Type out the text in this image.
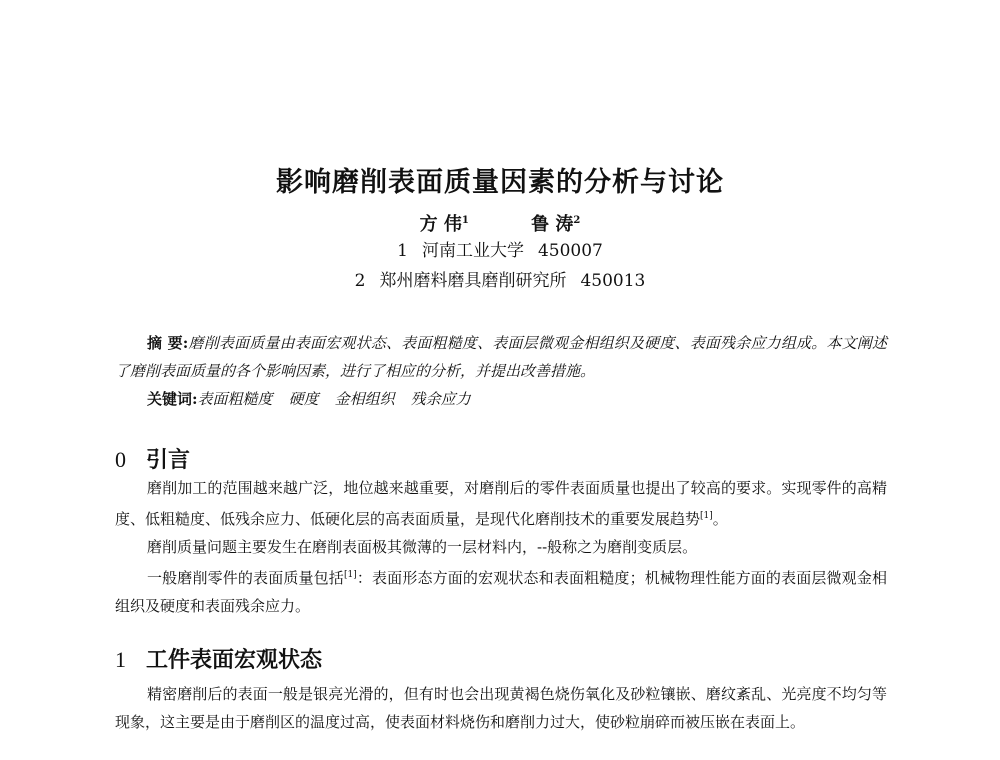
影响磨削表面质量因素的分析与讨论
方 伟$^1$	鲁 涛$^2$
1 河南工业大学 450007
2 郑州磨料磨具磨削研究所 450013

摘 要:磨削表面质量由表面宏观状态、表面粗糙度、表面层微观金相组织及硬度、表面残余应力组成。本文阐述了磨削表面质量的各个影响因素，进行了相应的分析，并提出改善措施。

关键词:表面粗糙度 硬度 金相组织 残余应力
0 引言

磨削加工的范围越来越广泛，地位越来越重要，对磨削后的零件表面质量也提出了较高的要求。实现零件的高精度、低粗糙度、低残余应力、低硬化层的高表面质量，是现代化磨削技术的重要发展趋势[1]。

磨削质量问题主要发生在磨削表面极其微薄的一层材料内，--般称之为磨削变质层。

一般磨削零件的表面质量包括[1]：表面形态方面的宏观状态和表面粗糙度；机械物理性能方面的表面层微观金相组织及硬度和表面残余应力。

1 工件表面宏观状态

精密磨削后的表面一般是银亮光滑的，但有时也会出现黄褐色烧伤氧化及砂粒镶嵌、磨纹紊乱、光亮度不均匀等现象，这主要是由于磨削区的温度过高，使表面材料烧伤和磨削力过大，使砂粒崩碎而被压嵌在表面上。
